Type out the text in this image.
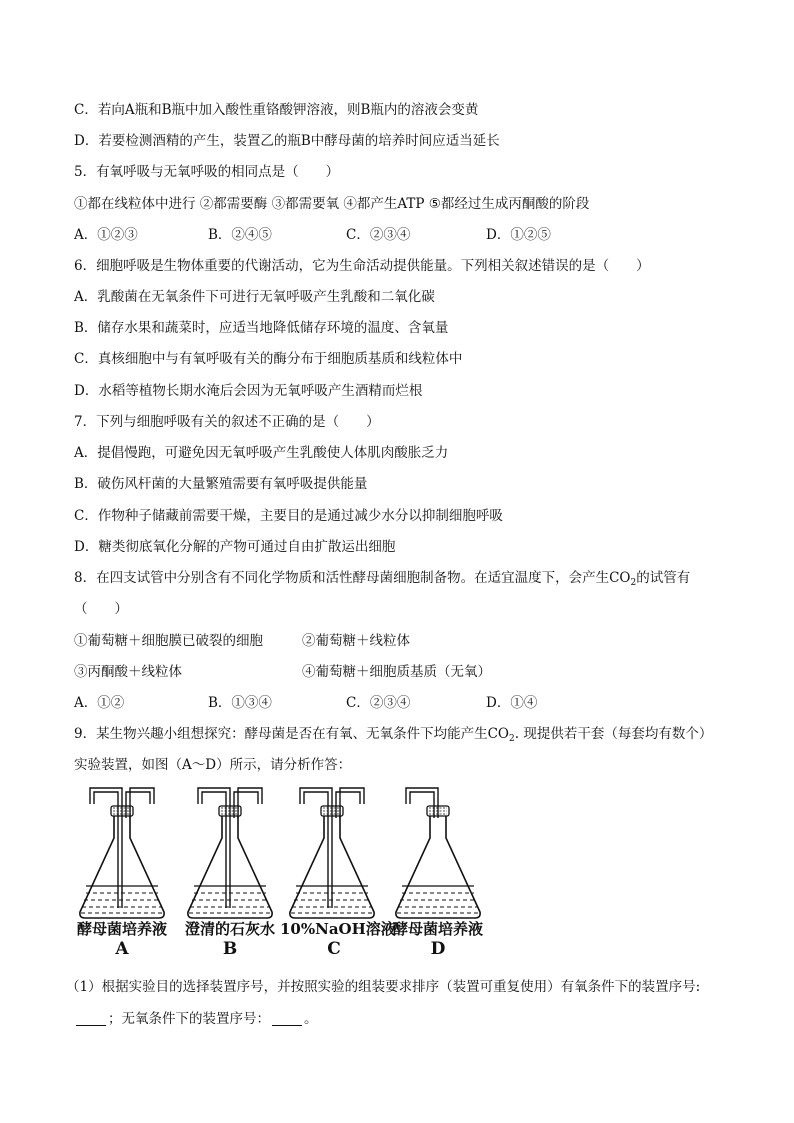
C．若向A瓶和B瓶中加入酸性重铬酸钾溶液，则B瓶内的溶液会变黄
D．若要检测酒精的产生，装置乙的瓶B中酵母菌的培养时间应适当延长
5．有氧呼吸与无氧呼吸的相同点是（　　）
①都在线粒体中进行 ②都需要酶 ③都需要氧 ④都产生ATP ⑤都经过生成丙酮酸的阶段
A．①②③	B．②④⑤	C．②③④	D．①②⑤
6．细胞呼吸是生物体重要的代谢活动，它为生命活动提供能量。下列相关叙述错误的是（　　）
A．乳酸菌在无氧条件下可进行无氧呼吸产生乳酸和二氧化碳
B．储存水果和蔬菜时，应适当地降低储存环境的温度、含氧量
C．真核细胞中与有氧呼吸有关的酶分布于细胞质基质和线粒体中
D．水稻等植物长期水淹后会因为无氧呼吸产生酒精而烂根
7．下列与细胞呼吸有关的叙述不正确的是（　　）
A．提倡慢跑，可避免因无氧呼吸产生乳酸使人体肌肉酸胀乏力
B．破伤风杆菌的大量繁殖需要有氧呼吸提供能量
C．作物种子储藏前需要干燥，主要目的是通过减少水分以抑制细胞呼吸
D．糖类彻底氧化分解的产物可通过自由扩散运出细胞
8．在四支试管中分别含有不同化学物质和活性酵母菌细胞制备物。在适宜温度下，会产生$CO_2$的试管有
（　　）
①葡萄糖＋细胞膜已破裂的细胞	②葡萄糖＋线粒体
③丙酮酸＋线粒体	④葡萄糖＋细胞质基质（无氧）
A．①②	B．①③④	C．②③④	D．①④
9．某生物兴趣小组想探究：酵母菌是否在有氧、无氧条件下均能产生$CO_2$. 现提供若干套（每套均有数个）
实验装置，如图（A～D）所示，请分析作答：
酵母菌培养液	澄清的石灰水 10%NaOH溶液
酵母菌培养液
A	B	C	D
（1）根据实验目的选择装置序号，并按照实验的组装要求排序（装置可重复使用）有氧条件下的装置序号:
；无氧条件下的装置序号：	。
